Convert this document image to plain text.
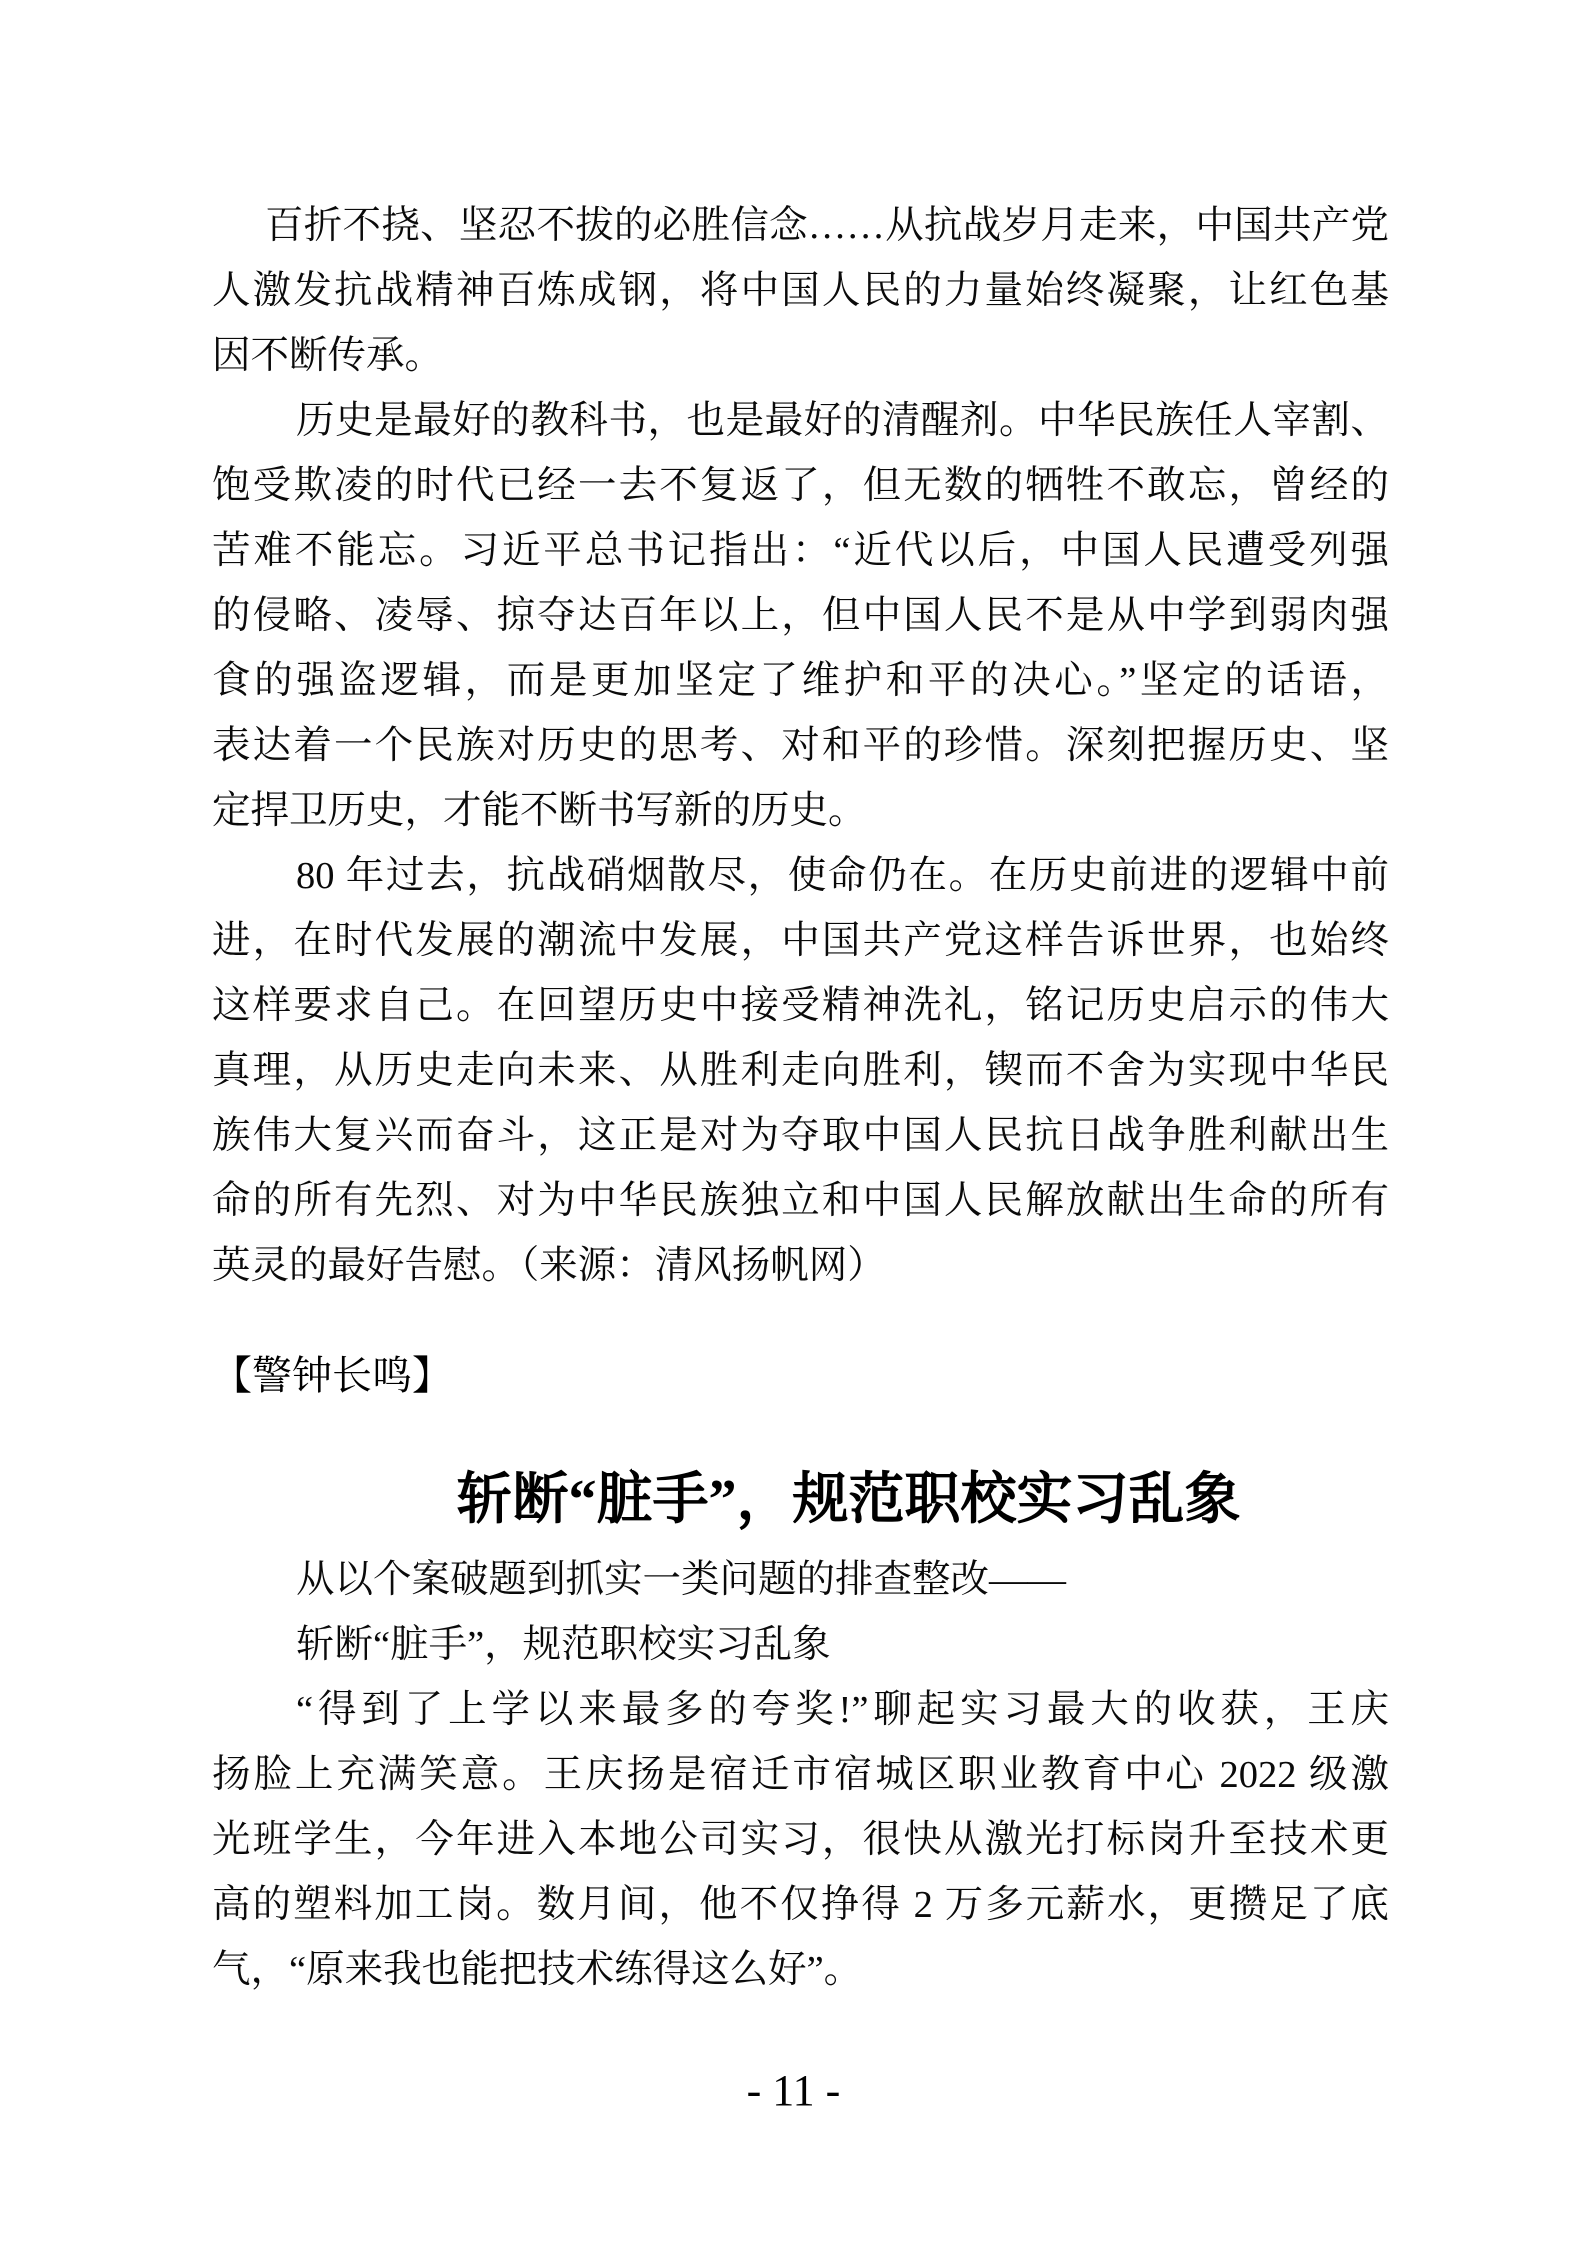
百折不挠、坚忍不拔的必胜信念……从抗战岁月走来，中国共产党
人激发抗战精神百炼成钢，将中国人民的力量始终凝聚，让红色基
因不断传承。
历史是最好的教科书，也是最好的清醒剂。中华民族任人宰割、
饱受欺凌的时代已经一去不复返了，但无数的牺牲不敢忘，曾经的
苦难不能忘。习近平总书记指出：“近代以后，中国人民遭受列强
的侵略、凌辱、掠夺达百年以上，但中国人民不是从中学到弱肉强
食的强盗逻辑，而是更加坚定了维护和平的决心。”坚定的话语，
表达着一个民族对历史的思考、对和平的珍惜。深刻把握历史、坚
定捍卫历史，才能不断书写新的历史。
80 年过去，抗战硝烟散尽，使命仍在。在历史前进的逻辑中前
进，在时代发展的潮流中发展，中国共产党这样告诉世界，也始终
这样要求自己。在回望历史中接受精神洗礼，铭记历史启示的伟大
真理，从历史走向未来、从胜利走向胜利，锲而不舍为实现中华民
族伟大复兴而奋斗，这正是对为夺取中国人民抗日战争胜利献出生
命的所有先烈、对为中华民族独立和中国人民解放献出生命的所有
英灵的最好告慰。（来源：清风扬帆网）
【警钟长鸣】
斩断“脏手”，规范职校实习乱象
从以个案破题到抓实一类问题的排查整改——
斩断“脏手”，规范职校实习乱象
“得到了上学以来最多的夸奖!”聊起实习最大的收获，王庆
扬脸上充满笑意。王庆扬是宿迁市宿城区职业教育中心 2022 级激
光班学生，今年进入本地公司实习，很快从激光打标岗升至技术更
高的塑料加工岗。数月间，他不仅挣得 2 万多元薪水，更攒足了底
气，“原来我也能把技术练得这么好”。
- 11 -
